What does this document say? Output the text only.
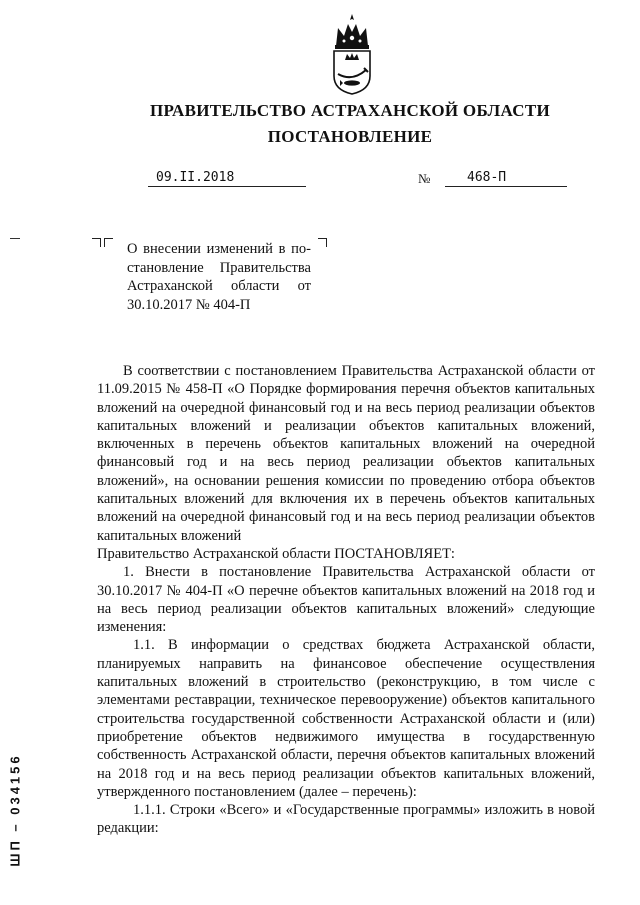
ПРАВИТЕЛЬСТВО АСТРАХАНСКОЙ ОБЛАСТИ
ПОСТАНОВЛЕНИЕ
09.II.2018	№	468-П
О внесении изменений в по-
становление Правительства
Астраханской области от
30.10.2017 № 404-П

В соответствии с постановлением Правительства Астраханской области от 11.09.2015 № 458-П «О Порядке формирования перечня объектов капитальных вложений на очередной финансовый год и на весь период реализации объектов капитальных вложений и реализации объектов капитальных вложений, включенных в перечень объектов капитальных вложений на очередной финансовый год и на весь период реализации объектов капитальных вложений», на основании решения комиссии по проведению отбора объектов капитальных вложений для включения их в перечень объектов капитальных вложений на очередной финансовый год и на весь период реализации объектов капитальных вложений

Правительство Астраханской области ПОСТАНОВЛЯЕТ:

1. Внести в постановление Правительства Астраханской области от 30.10.2017 № 404-П «О перечне объектов капитальных вложений на 2018 год и на весь период реализации объектов капитальных вложений» следующие изменения:

1.1. В информации о средствах бюджета Астраханской области, планируемых направить на финансовое обеспечение осуществления капитальных вложений в строительство (реконструкцию, в том числе с элементами реставрации, техническое перевооружение) объектов капитального строительства государственной собственности Астраханской области и (или) приобретение объектов недвижимого имущества в государственную собственность Астраханской области, перечня объектов капитальных вложений на 2018 год и на весь период реализации объектов капитальных вложений, утвержденного постановлением (далее – перечень):

1.1.1. Строки «Всего» и «Государственные программы» изложить в новой редакции:

ШП – 034156
